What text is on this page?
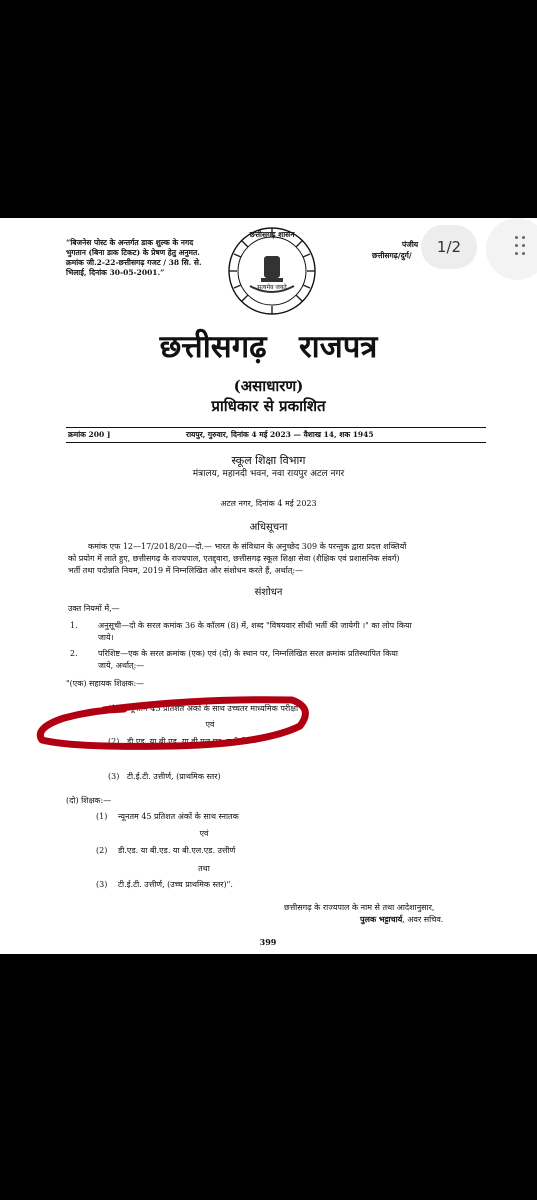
“बिजनेस पोस्ट के अन्तर्गत डाक शुल्क के नगद भुगतान (बिना डाक टिकट) के प्रेषण हेतु अनुमत. क्रमांक जी.2-22-छत्तीसगढ़ गजट / 38 सि. से. भिलाई, दिनांक 30-05-2001.”
छत्तीसगढ़ शासन
सत्यमेव जयते
पंजीय
छत्तीसगढ़/दुर्ग/
छत्तीसगढ़   राजपत्र
(असाधारण)
प्राधिकार से प्रकाशित
क्रमांक 200 ]	रायपुर, गुरुवार, दिनांक 4 मई 2023 — वैशाख 14, शक 1945
स्कूल शिक्षा विभाग
मंत्रालय, महानदी भवन, नवा रायपुर अटल नगर
अटल नगर, दिनांक 4 मई 2023
अधिसूचना
कमांक एफ 12—17/2018/20—दो.— भारत के संविधान के अनुच्छेद 309 के परन्तुक द्वारा प्रदत्त शक्तियों
को प्रयोग में लाते हुए, छत्तीसगढ़ के राज्यपाल, एतद्द्वारा, छत्तीसगढ़ स्कूल शिक्षा सेवा (शैक्षिक एवं प्रशासनिक संवर्ग)
भर्ती तथा पदोन्नति नियम, 2019 में निम्नलिखित और संशोधन करते हैं, अर्थात्:—
संशोधन
उक्त नियमों में,—
1.	अनुसूची—दो के सरल कमांक 36 के कॉलम (8) में, शब्द "विषयवार सीधी भर्ती की जायेगी ।" का लोप किया
जाये।
2.	परिशिष्ट—एक के सरल क्रमांक (एक) एवं (दो) के स्थान पर, निम्नलिखित सरल क्रमांक प्रतिस्थापित किया
जाये, अर्थात्:—
"(एक) सहायक शिक्षक:—
(1)   न्यूनतम 45 प्रतिशत अंकों के साथ उच्चतर माध्यमिक परीक्षा
एवं
(2)   डी.एड. या बी.एड. या बी.एल.एड. उत्तीर्ण
(3)   टी.ई.टी. उत्तीर्ण, (प्राथमिक स्तर)
(दो) शिक्षक:—
(1)	न्यूनतम 45 प्रतिशत अंकों के साथ स्नातक
एवं
(2)	डी.एड. या बी.एड. या बी.एल.एड. उत्तीर्ण
तथा
(3)	टी.ई.टी. उत्तीर्ण, (उच्च प्राथमिक स्तर)".
छत्तीसगढ़ के राज्यपाल के नाम से तथा आदेशानुसार,
पुलक भट्टाचार्य, अवर सचिव.
399
1/2
